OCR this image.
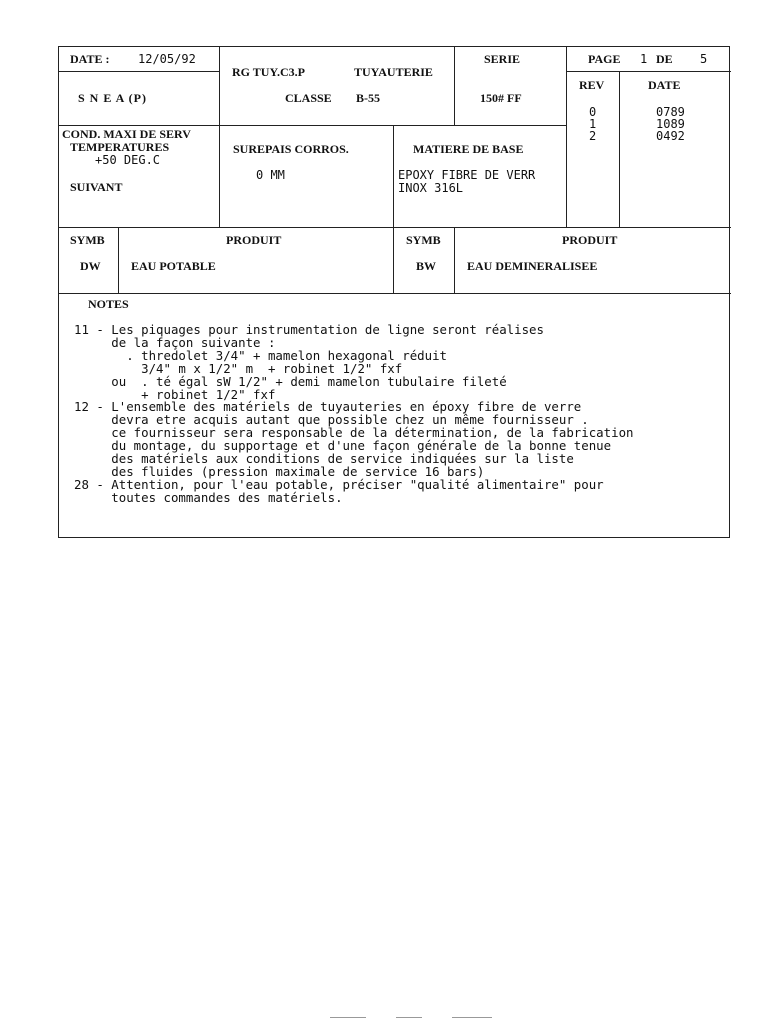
DATE : 12/05/92
S N E A (P)
RG TUY.C3.P	TUYAUTERIE
CLASSE B-55
SERIE
150# FF
PAGE 1 DE 5
REV	DATE
0	0789
1	1089
2	0492
COND. MAXI DE SERV
TEMPERATURES
+50 DEG.C
SUIVANT
SUREPAIS CORROS.
0 MM
MATIERE DE BASE
EPOXY FIBRE DE VERR
INOX 316L
SYMB	PRODUIT	SYMB	PRODUIT
DW	EAU POTABLE	BW	EAU DEMINERALISEE
NOTES
11 - Les piquages pour instrumentation de ligne seront réalises
de la façon suivante :
. thredolet 3/4" + mamelon hexagonal réduit
3/4" m x 1/2" m  + robinet 1/2" fxf
ou  . té égal sW 1/2" + demi mamelon tubulaire fileté
+ robinet 1/2" fxf
12 - L'ensemble des matériels de tuyauteries en époxy fibre de verre
devra etre acquis autant que possible chez un même fournisseur .
ce fournisseur sera responsable de la détermination, de la fabrication
du montage, du supportage et d'une façon générale de la bonne tenue
des matériels aux conditions de service indiquées sur la liste
des fluides (pression maximale de service 16 bars)
28 - Attention, pour l'eau potable, préciser "qualité alimentaire" pour
toutes commandes des matériels.
